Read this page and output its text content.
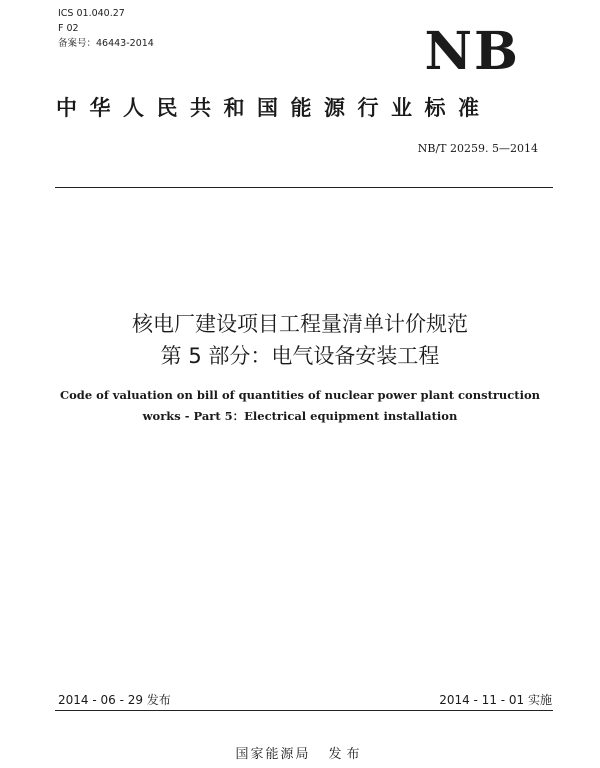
ICS 01.040.27
F 02
备案号：46443-2014	NB
中华人民共和国能源行业标准
NB/T 20259. 5—2014
核电厂建设项目工程量清单计价规范
第 5 部分：电气设备安装工程
Code of valuation on bill of quantities of nuclear power plant construction
works - Part 5：Electrical equipment installation
2014 - 06 - 29 发布	2014 - 11 - 01 实施
国家能源局 发布
